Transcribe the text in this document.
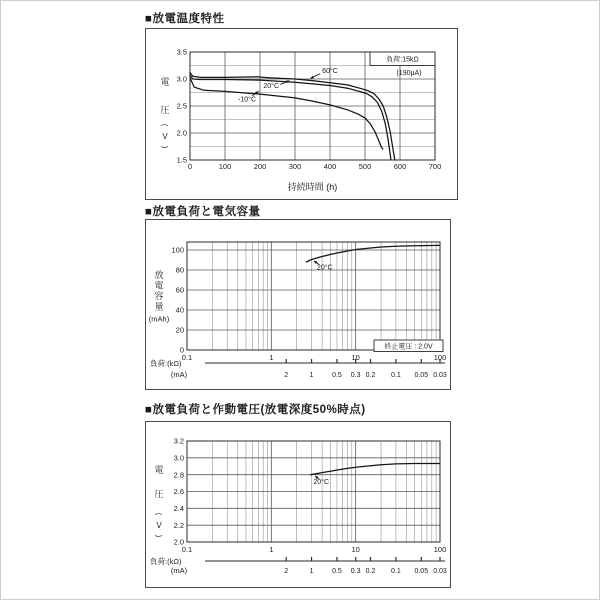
■放電温度特性
0	100	200	300	400	500	600	700
1.5
2.0
2.5
3.0
3.5
持続時間 (h)
電
圧
(
V
)
負荷:15kΩ
(190μA)
60°C
20°C
-10°C
■放電負荷と電気容量
0.1	1	10	100
0
20
40
60
80
100
放
電
容
量
(mAh)
負荷:(kΩ)
2	1	0.5 0.3 0.2 0.1 0.05 0.03
(mA)
終止電圧 : 2.0V
20°C
■放電負荷と作動電圧(放電深度50%時点)
0.1	1	10	100
2.0
2.2
2.4
2.6
2.8
3.0
3.2
電
圧
(
V
)
負荷:(kΩ)
2	1	0.5 0.3 0.2 0.1 0.05 0.03
(mA)
20°C
